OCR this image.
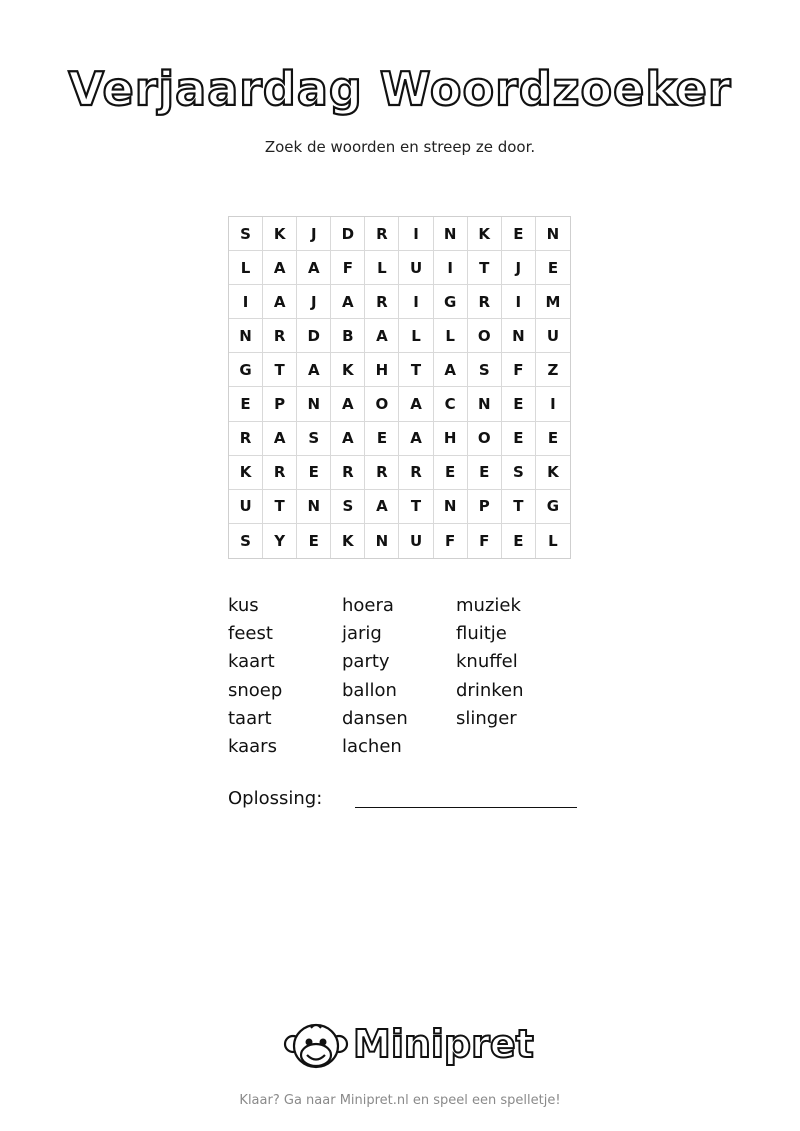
Verjaardag Woordzoeker
Zoek de woorden en streep ze door.
S	K	J	D	R	I	N	K	E	N
L	A	A	F	L	U	I	T	J	E
I	A	J	A	R	I	G	R	I	M
N	R	D	B	A	L	L	O	N	U
G	T	A	K	H	T	A	S	F	Z
E	P	N	A	O	A	C	N	E	I
R	A	S	A	E	A	H	O	E	E
K	R	E	R	R	R	E	E	S	K
U	T	N	S	A	T	N	P	T	G
S	Y	E	K	N	U	F	F	E	L
kus	hoera	muziek
feest	jarig	fluitje
kaart	party	knuffel
snoep	ballon	drinken
taart	dansen	slinger
kaars	lachen
Oplossing:
Minipret
Klaar? Ga naar Minipret.nl en speel een spelletje!
